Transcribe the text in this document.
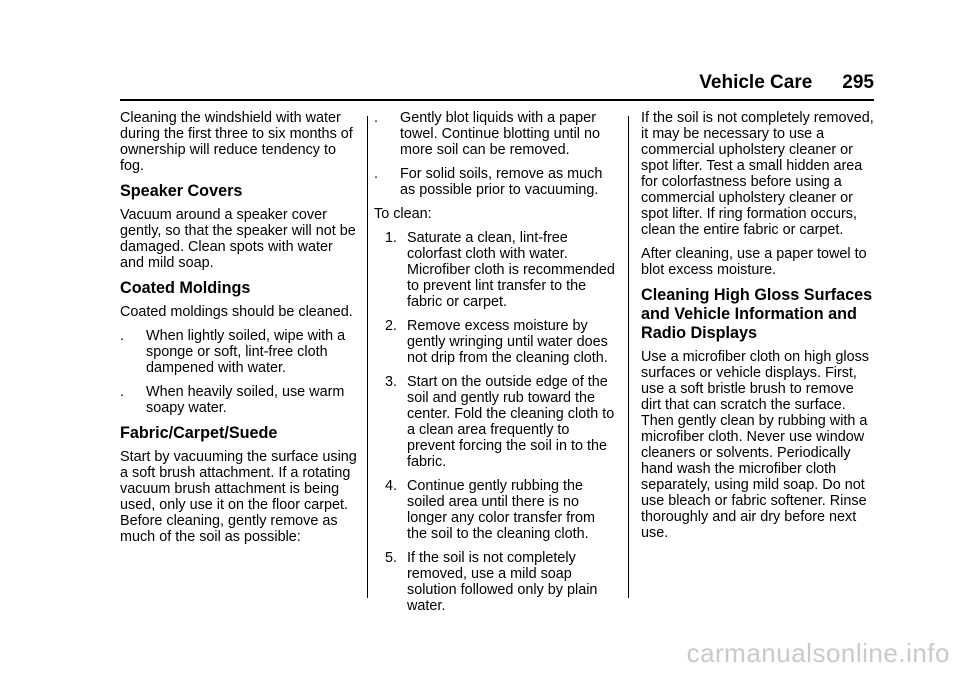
Vehicle Care 295

Cleaning the windshield with water during the first three to six months of ownership will reduce tendency to fog.

Speaker Covers

Vacuum around a speaker cover gently, so that the speaker will not be damaged. Clean spots with water and mild soap.

Coated Moldings

Coated moldings should be cleaned.

.	When lightly soiled, wipe with a sponge or soft, lint-free cloth dampened with water.
.	When heavily soiled, use warm soapy water.
Fabric/Carpet/Suede

Start by vacuuming the surface using a soft brush attachment. If a rotating vacuum brush attachment is being used, only use it on the floor carpet. Before cleaning, gently remove as much of the soil as possible:

.	Gently blot liquids with a paper towel. Continue blotting until no more soil can be removed.
.	For solid soils, remove as much as possible prior to vacuuming.

To clean:

1. Saturate a clean, lint-free colorfast cloth with water. Microfiber cloth is recommended to prevent lint transfer to the fabric or carpet.
2. Remove excess moisture by gently wringing until water does not drip from the cleaning cloth.
3. Start on the outside edge of the soil and gently rub toward the center. Fold the cleaning cloth to a clean area frequently to prevent forcing the soil in to the fabric.
4. Continue gently rubbing the soiled area until there is no longer any color transfer from the soil to the cleaning cloth.
5. If the soil is not completely removed, use a mild soap solution followed only by plain water.

If the soil is not completely removed, it may be necessary to use a commercial upholstery cleaner or spot lifter. Test a small hidden area for colorfastness before using a commercial upholstery cleaner or spot lifter. If ring formation occurs, clean the entire fabric or carpet.

After cleaning, use a paper towel to blot excess moisture.

Cleaning High Gloss Surfaces and Vehicle Information and Radio Displays

Use a microfiber cloth on high gloss surfaces or vehicle displays. First, use a soft bristle brush to remove dirt that can scratch the surface. Then gently clean by rubbing with a microfiber cloth. Never use window cleaners or solvents. Periodically hand wash the microfiber cloth separately, using mild soap. Do not use bleach or fabric softener. Rinse thoroughly and air dry before next use.

carmanualsonline.info
